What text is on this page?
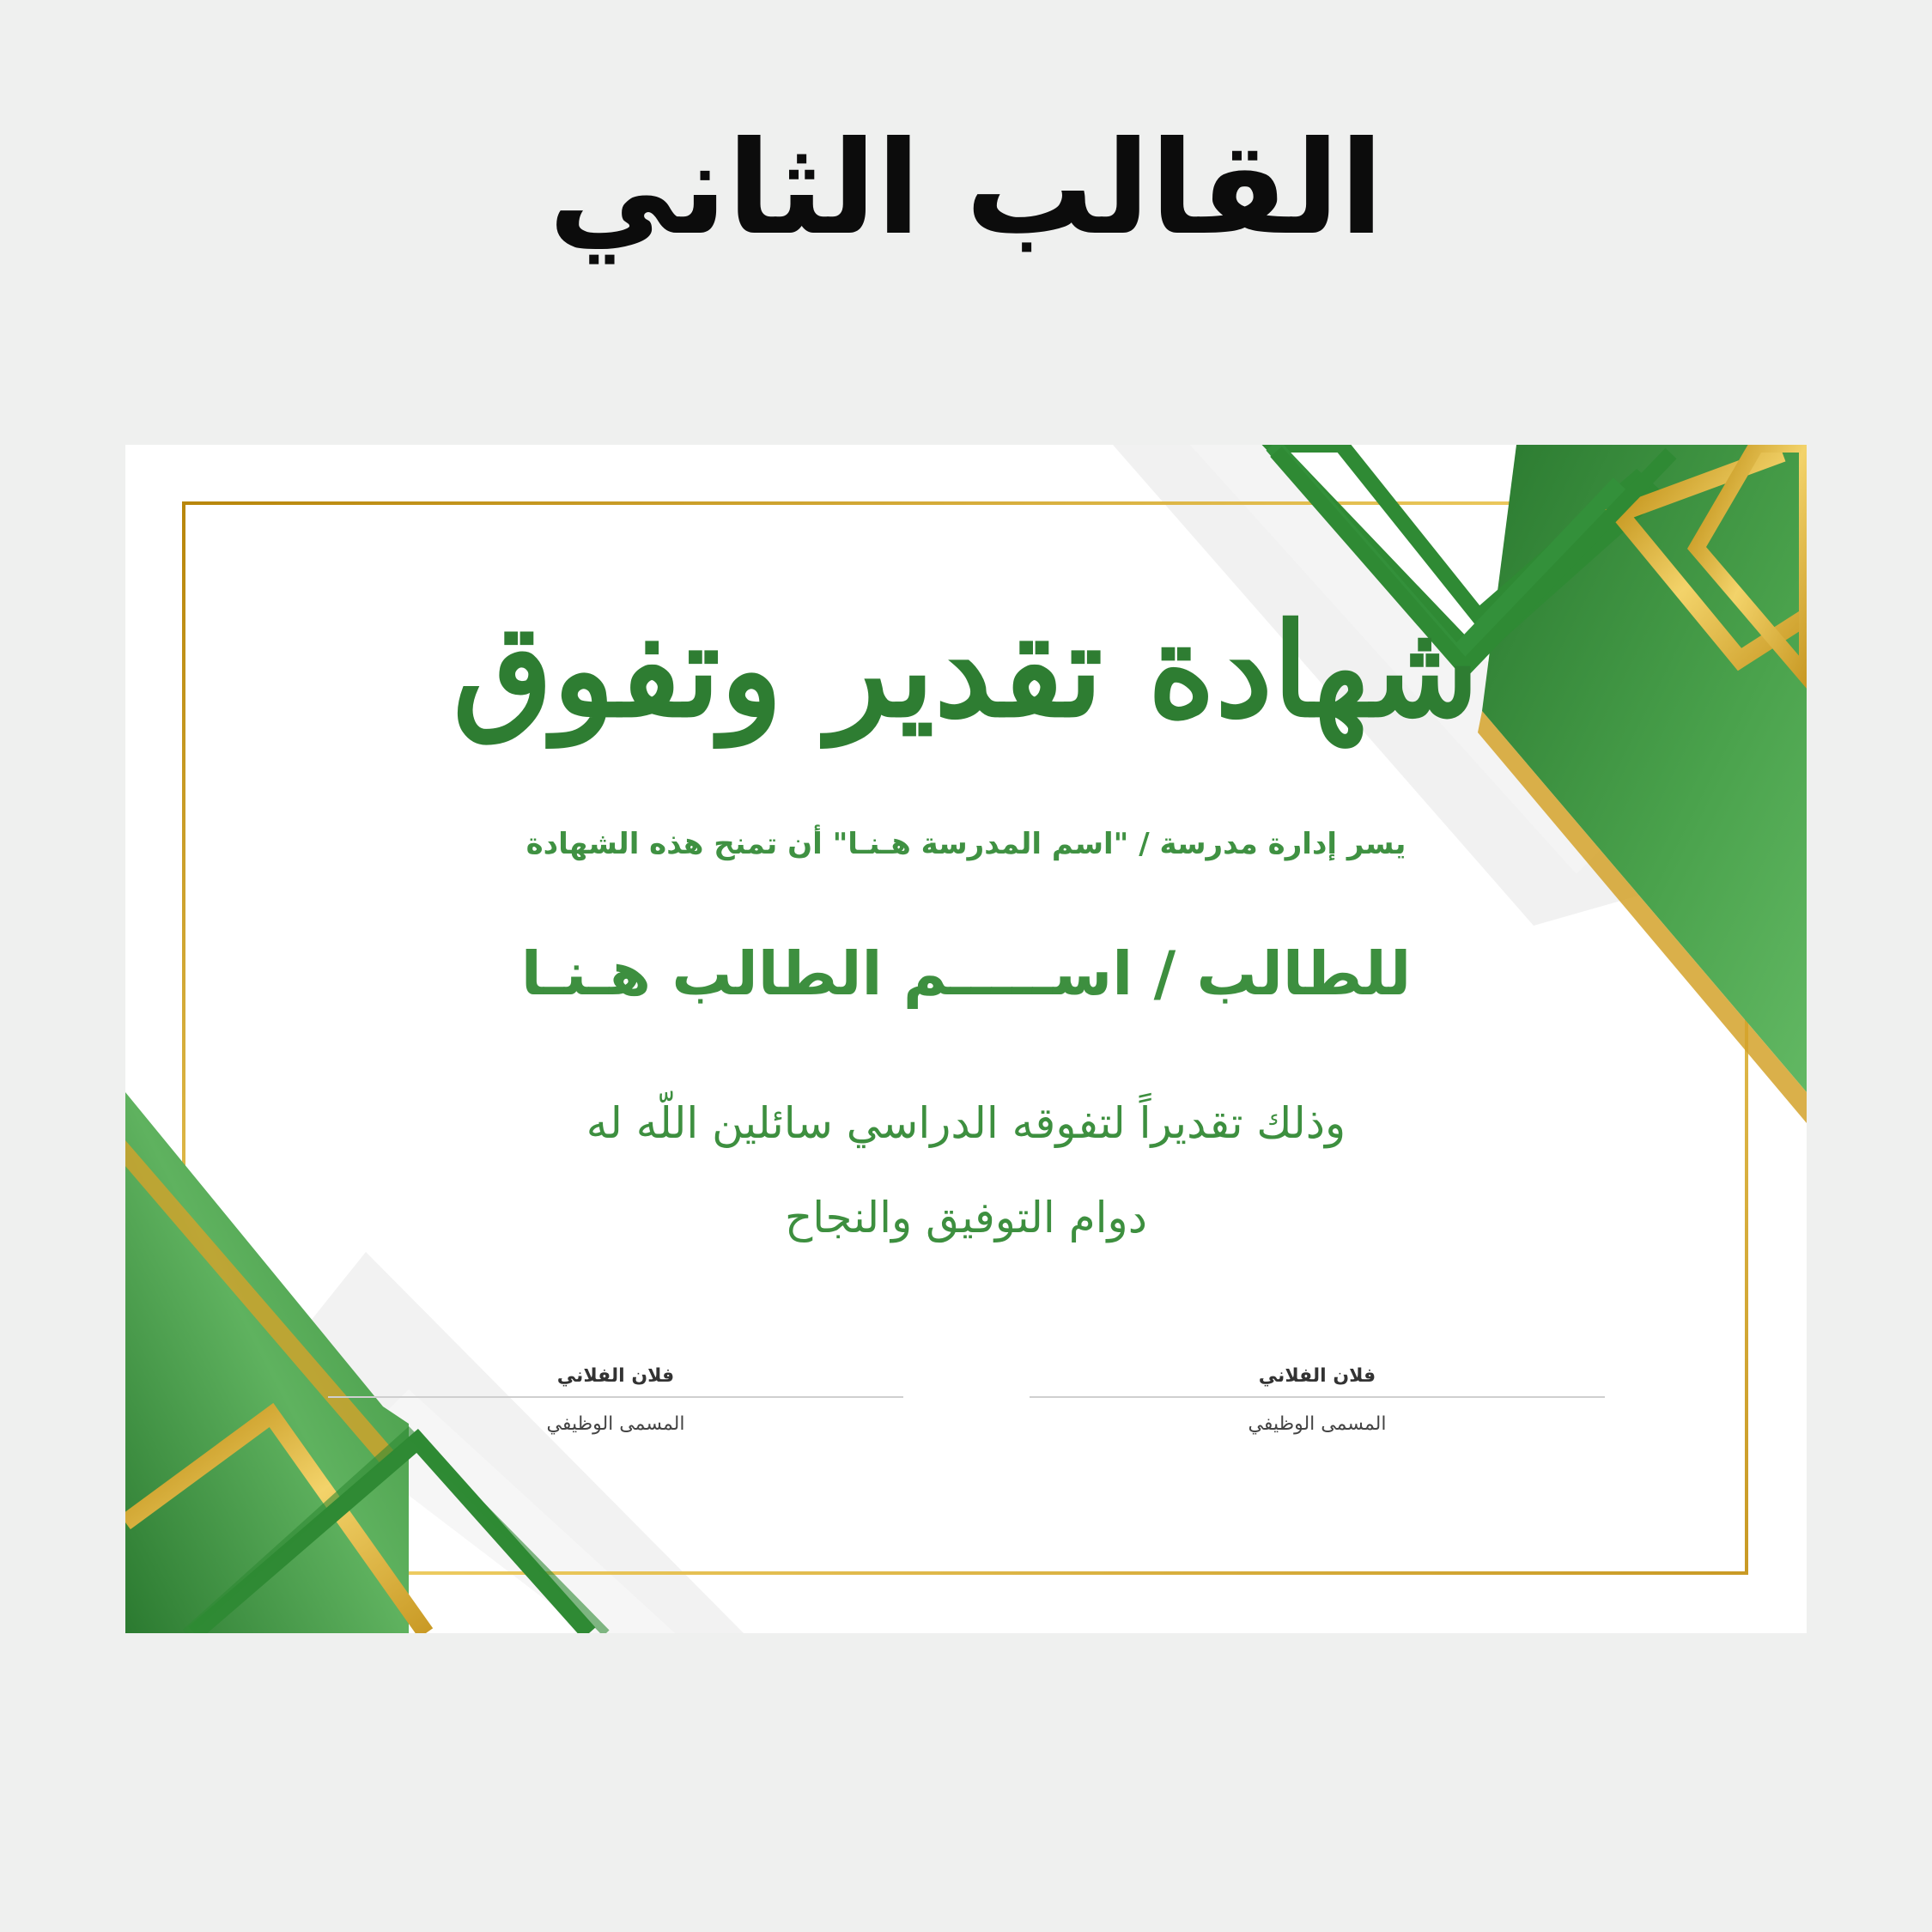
القالب الثاني
شهادة تقدير وتفوق
يسر إدارة مدرسة / "اسم المدرسة هـنـا" أن تمنح هذه الشهادة
للطالب / اســـــم الطالب هـنـا
وذلك تقديراً لتفوقه الدراسي سائلين اللّه له
دوام التوفيق والنجاح
فلان الفلاني
المسمى الوظيفي
فلان الفلاني
المسمى الوظيفي
